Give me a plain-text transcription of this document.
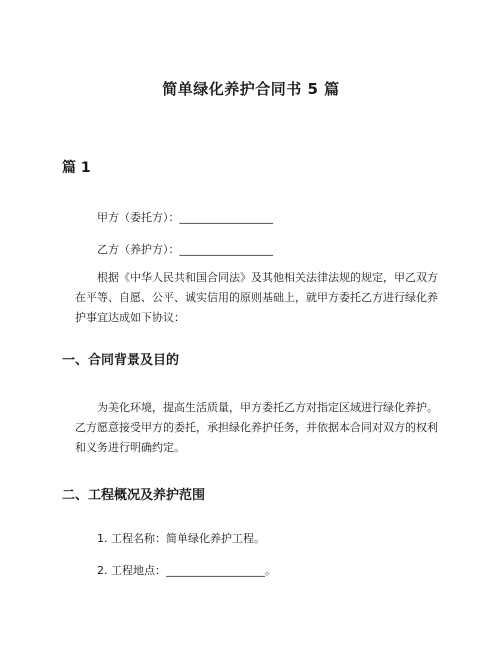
简单绿化养护合同书 5 篇
篇 1
甲方（委托方）：_________________
乙方（养护方）：_________________
根据《中华人民共和国合同法》及其他相关法律法规的规定，甲乙双方在平等、自愿、公平、诚实信用的原则基础上，就甲方委托乙方进行绿化养护事宜达成如下协议：
一、合同背景及目的
为美化环境，提高生活质量，甲方委托乙方对指定区域进行绿化养护。乙方愿意接受甲方的委托，承担绿化养护任务，并依据本合同对双方的权利和义务进行明确约定。
二、工程概况及养护范围
1. 工程名称：简单绿化养护工程。
2. 工程地点：__________________。
